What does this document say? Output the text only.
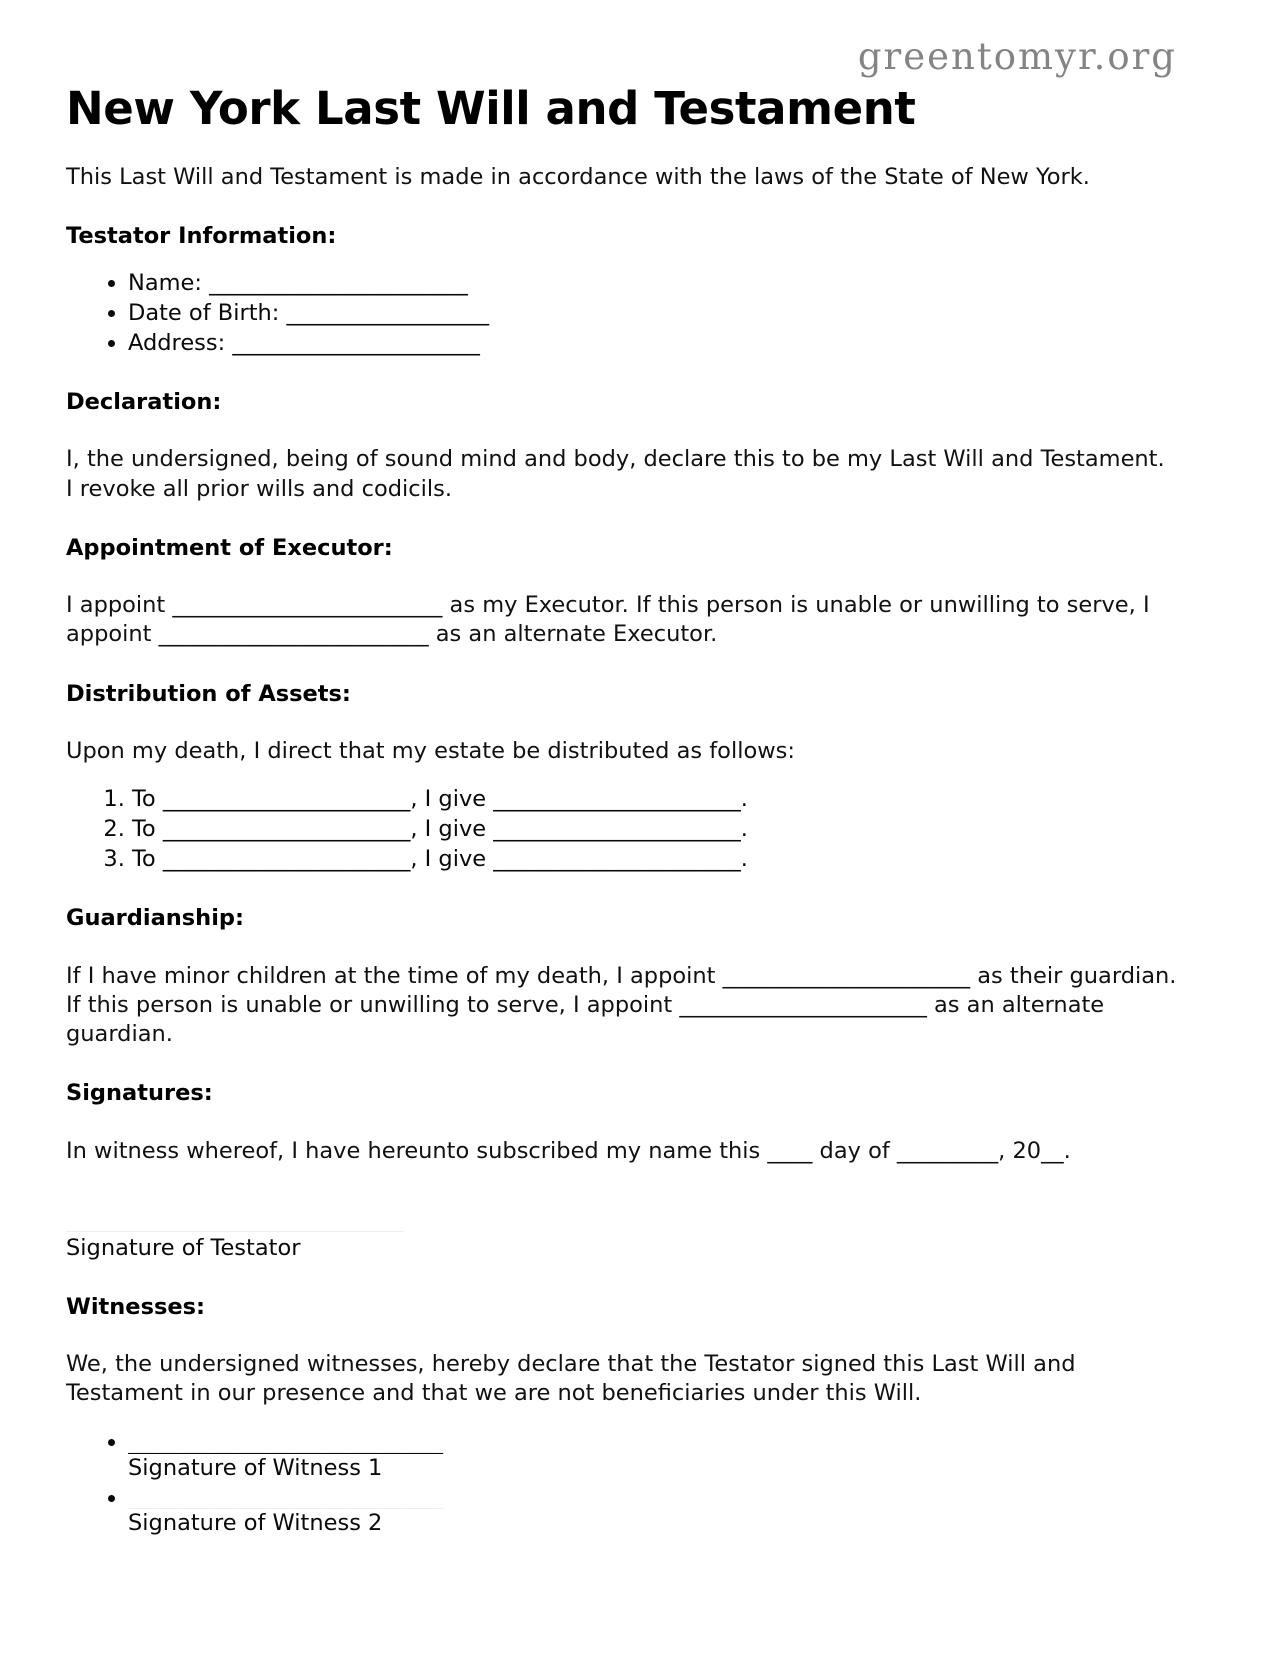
greentomyr.org
New York Last Will and Testament

This Last Will and Testament is made in accordance with the laws of the State of New York.

Testator Information:
• Name: _______________________
• Date of Birth: __________________
• Address: ______________________
Declaration:

I, the undersigned, being of sound mind and body, declare this to be my Last Will and Testament. I revoke all prior wills and codicils.

Appointment of Executor:

I appoint ________________________ as my Executor. If this person is unable or unwilling to serve, I appoint ________________________ as an alternate Executor.

Distribution of Assets:

Upon my death, I direct that my estate be distributed as follows:

1. To ______________________, I give ______________________.
2. To ______________________, I give ______________________.
3. To ______________________, I give ______________________.
Guardianship:

If I have minor children at the time of my death, I appoint ______________________ as their guardian. If this person is unable or unwilling to serve, I appoint ______________________ as an alternate guardian.

Signatures:

In witness whereof, I have hereunto subscribed my name this ____ day of _________, 20__.

______________________________
Signature of Testator
Witnesses:

We, the undersigned witnesses, hereby declare that the Testator signed this Last Will and Testament in our presence and that we are not beneficiaries under this Will.

• ____________________________
Signature of Witness 1
• ____________________________
Signature of Witness 2
